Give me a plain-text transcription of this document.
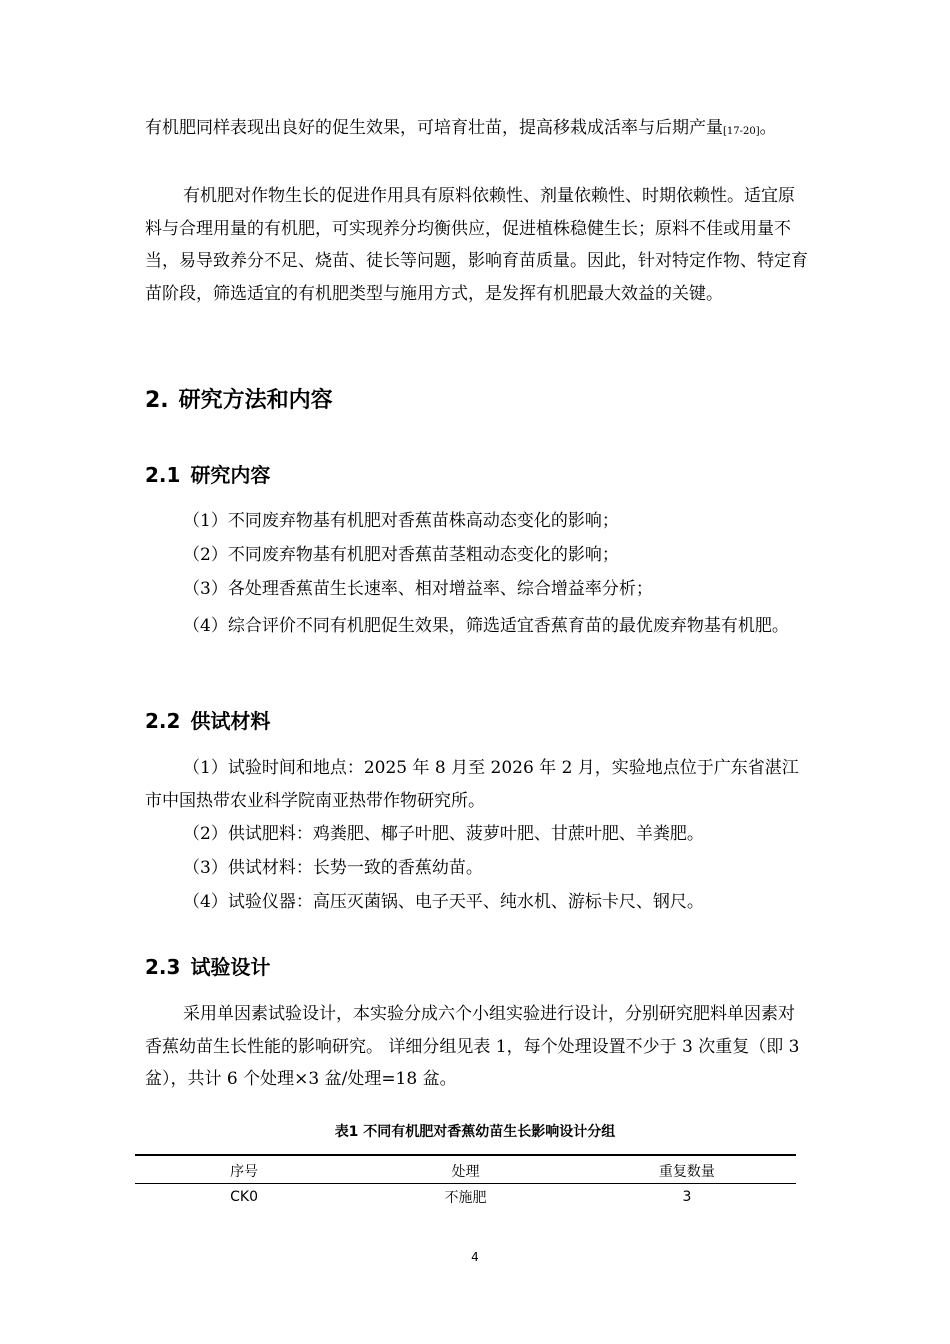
有机肥同样表现出良好的促生效果，可培育壮苗，提高移栽成活率与后期产量[17-20]。

有机肥对作物生长的促进作用具有原料依赖性、剂量依赖性、时期依赖性。适宜原料与合理用量的有机肥，可实现养分均衡供应，促进植株稳健生长；原料不佳或用量不当，易导致养分不足、烧苗、徒长等问题，影响育苗质量。因此，针对特定作物、特定育苗阶段，筛选适宜的有机肥类型与施用方式，是发挥有机肥最大效益的关键。

2. 研究方法和内容
2.1 研究内容

（1）不同废弃物基有机肥对香蕉苗株高动态变化的影响；

（2）不同废弃物基有机肥对香蕉苗茎粗动态变化的影响；

（3）各处理香蕉苗生长速率、相对增益率、综合增益率分析；

（4）综合评价不同有机肥促生效果，筛选适宜香蕉育苗的最优废弃物基有机肥。

2.2 供试材料

（1）试验时间和地点：2025 年 8 月至 2026 年 2 月，实验地点位于广东省湛江市中国热带农业科学院南亚热带作物研究所。

（2）供试肥料：鸡粪肥、椰子叶肥、菠萝叶肥、甘蔗叶肥、羊粪肥。

（3）供试材料：长势一致的香蕉幼苗。

（4）试验仪器：高压灭菌锅、电子天平、纯水机、游标卡尺、钢尺。

2.3 试验设计

采用单因素试验设计，本实验分成六个小组实验进行设计，分别研究肥料单因素对香蕉幼苗生长性能的影响研究。 详细分组见表 1，每个处理设置不少于 3 次重复（即 3 盆），共计 6 个处理×3 盆/处理=18 盆。

表1 不同有机肥对香蕉幼苗生长影响设计分组

序号	处理	重复数量
CK0	不施肥	3

4
